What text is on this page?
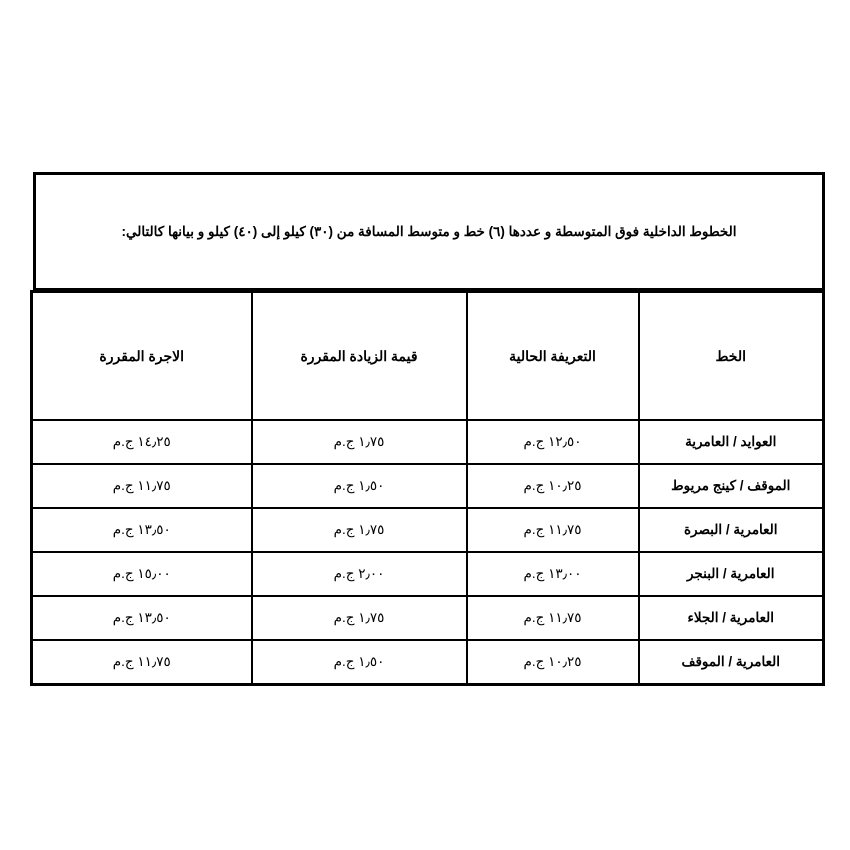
الخطوط الداخلية فوق المتوسطة و عددها (٦) خط و متوسط المسافة من (٣٠) كيلو إلى (٤٠) كيلو و بيانها كالتالي:
الخط	التعريفة الحالية	قيمة الزيادة المقررة	الاجرة المقررة
العوايد / العامرية	١٢٫٥٠ ج.م	١٫٧٥ ج.م	١٤٫٢٥ ج.م
الموقف / كينج مريوط	١٠٫٢٥ ج.م	١٫٥٠ ج.م	١١٫٧٥ ج.م
العامرية / البصرة	١١٫٧٥ ج.م	١٫٧٥ ج.م	١٣٫٥٠ ج.م
العامرية / البنجر	١٣٫٠٠ ج.م	٢٫٠٠ ج.م	١٥٫٠٠ ج.م
العامرية / الجلاء	١١٫٧٥ ج.م	١٫٧٥ ج.م	١٣٫٥٠ ج.م
العامرية / الموقف	١٠٫٢٥ ج.م	١٫٥٠ ج.م	١١٫٧٥ ج.م
